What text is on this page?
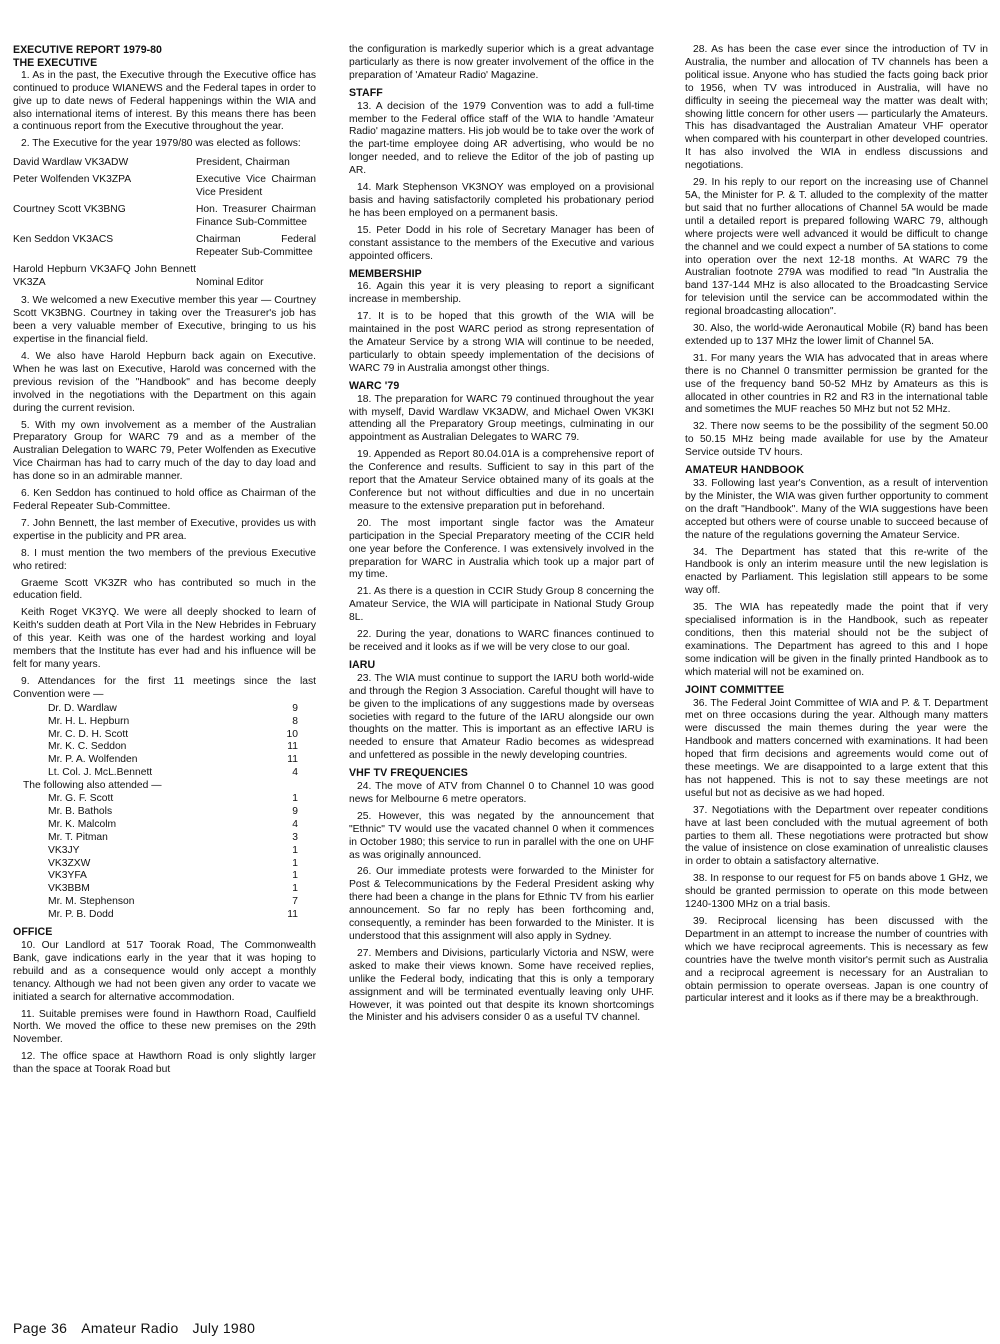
EXECUTIVE REPORT 1979-80
THE EXECUTIVE

1. As in the past, the Executive through the Executive office has continued to produce WIANEWS and the Federal tapes in order to give up to date news of Federal happenings within the WIA and also international items of interest. By this means there has been a continuous report from the Executive throughout the year.

2. The Executive for the year 1979/80 was elected as follows:

David Wardlaw VK3ADW	President, Chairman
Peter Wolfenden VK3ZPA	Executive Vice Chairman Vice President
Courtney Scott VK3BNG	Hon. Treasurer Chairman Finance Sub-Committee
Ken Seddon VK3ACS	Chairman Federal Repeater Sub-Committee
Harold Hepburn VK3AFQ John Bennett VK3ZA	Nominal Editor

3. We welcomed a new Executive member this year — Courtney Scott VK3BNG. Courtney in taking over the Treasurer's job has been a very valuable member of Executive, bringing to us his expertise in the financial field.

4. We also have Harold Hepburn back again on Executive. When he was last on Executive, Harold was concerned with the previous revision of the "Handbook" and has become deeply involved in the negotiations with the Department on this again during the current revision.

5. With my own involvement as a member of the Australian Preparatory Group for WARC 79 and as a member of the Australian Delegation to WARC 79, Peter Wolfenden as Executive Vice Chairman has had to carry much of the day to day load and has done so in an admirable manner.

6. Ken Seddon has continued to hold office as Chairman of the Federal Repeater Sub-Committee.

7. John Bennett, the last member of Executive, provides us with expertise in the publicity and PR area.

8. I must mention the two members of the previous Executive who retired:

Graeme Scott VK3ZR who has contributed so much in the education field.

Keith Roget VK3YQ. We were all deeply shocked to learn of Keith's sudden death at Port Vila in the New Hebrides in February of this year. Keith was one of the hardest working and loyal members that the Institute has ever had and his influence will be felt for many years.

9. Attendances for the first 11 meetings since the last Convention were —

Dr. D. Wardlaw	9
Mr. H. L. Hepburn	8
Mr. C. D. H. Scott	10
Mr. K. C. Seddon	11
Mr. P. A. Wolfenden	11
Lt. Col. J. McL.Bennett	4
The following also attended —
Mr. G. F. Scott	1
Mr. B. Bathols	9
Mr. K. Malcolm	4
Mr. T. Pitman	3
VK3JY	1
VK3ZXW	1
VK3YFA	1
VK3BBM	1
Mr. M. Stephenson	7
Mr. P. B. Dodd	11
OFFICE

10. Our Landlord at 517 Toorak Road, The Commonwealth Bank, gave indications early in the year that it was hoping to rebuild and as a consequence would only accept a monthly tenancy. Although we had not been given any order to vacate we initiated a search for alternative accommodation.

11. Suitable premises were found in Hawthorn Road, Caulfield North. We moved the office to these new premises on the 29th November.

12. The office space at Hawthorn Road is only slightly larger than the space at Toorak Road but

the configuration is markedly superior which is a great advantage particularly as there is now greater involvement of the office in the preparation of 'Amateur Radio' Magazine.

STAFF

13. A decision of the 1979 Convention was to add a full-time member to the Federal office staff of the WIA to handle 'Amateur Radio' magazine matters. His job would be to take over the work of the part-time employee doing AR advertising, who would be no longer needed, and to relieve the Editor of the job of pasting up AR.

14. Mark Stephenson VK3NOY was employed on a provisional basis and having satisfactorily completed his probationary period he has been employed on a permanent basis.

15. Peter Dodd in his role of Secretary Manager has been of constant assistance to the members of the Executive and various appointed officers.

MEMBERSHIP

16. Again this year it is very pleasing to report a significant increase in membership.

17. It is to be hoped that this growth of the WIA will be maintained in the post WARC period as strong representation of the Amateur Service by a strong WIA will continue to be needed, particularly to obtain speedy implementation of the decisions of WARC 79 in Australia amongst other things.

WARC '79

18. The preparation for WARC 79 continued throughout the year with myself, David Wardlaw VK3ADW, and Michael Owen VK3KI attending all the Preparatory Group meetings, culminating in our appointment as Australian Delegates to WARC 79.

19. Appended as Report 80.04.01A is a comprehensive report of the Conference and results. Sufficient to say in this part of the report that the Amateur Service obtained many of its goals at the Conference but not without difficulties and due in no uncertain measure to the extensive preparation put in beforehand.

20. The most important single factor was the Amateur participation in the Special Preparatory meeting of the CCIR held one year before the Conference. I was extensively involved in the preparation for WARC in Australia which took up a major part of my time.

21. As there is a question in CCIR Study Group 8 concerning the Amateur Service, the WIA will participate in National Study Group 8L.

22. During the year, donations to WARC finances continued to be received and it looks as if we will be very close to our goal.

IARU

23. The WIA must continue to support the IARU both world-wide and through the Region 3 Association. Careful thought will have to be given to the implications of any suggestions made by overseas societies with regard to the future of the IARU alongside our own thoughts on the matter. This is important as an effective IARU is needed to ensure that Amateur Radio becomes as widespread and unfettered as possible in the newly developing countries.

VHF TV FREQUENCIES

24. The move of ATV from Channel 0 to Channel 10 was good news for Melbourne 6 metre operators.

25. However, this was negated by the announcement that "Ethnic" TV would use the vacated channel 0 when it commences in October 1980; this service to run in parallel with the one on UHF as was originally announced.

26. Our immediate protests were forwarded to the Minister for Post & Telecommunications by the Federal President asking why there had been a change in the plans for Ethnic TV from his earlier announcement. So far no reply has been forthcoming and, consequently, a reminder has been forwarded to the Minister. It is understood that this assignment will also apply in Sydney.

27. Members and Divisions, particularly Victoria and NSW, were asked to make their views known. Some have received replies, unlike the Federal body, indicating that this is only a temporary assignment and will be terminated eventually leaving only UHF. However, it was pointed out that despite its known shortcomings the Minister and his advisers consider 0 as a useful TV channel.

28. As has been the case ever since the introduction of TV in Australia, the number and allocation of TV channels has been a political issue. Anyone who has studied the facts going back prior to 1956, when TV was introduced in Australia, will have no difficulty in seeing the piecemeal way the matter was dealt with; showing little concern for other users — particularly the Amateurs. This has disadvantaged the Australian Amateur VHF operator when compared with his counterpart in other developed countries. It has also involved the WIA in endless discussions and negotiations.

29. In his reply to our report on the increasing use of Channel 5A, the Minister for P. & T. alluded to the complexity of the matter but said that no further allocations of Channel 5A would be made until a detailed report is prepared following WARC 79, although where projects were well advanced it would be difficult to change the channel and we could expect a number of 5A stations to come into operation over the next 12-18 months. At WARC 79 the Australian footnote 279A was modified to read "In Australia the band 137-144 MHz is also allocated to the Broadcasting Service for television until the service can be accommodated within the regional broadcasting allocation".

30. Also, the world-wide Aeronautical Mobile (R) band has been extended up to 137 MHz the lower limit of Channel 5A.

31. For many years the WIA has advocated that in areas where there is no Channel 0 transmitter permission be granted for the use of the frequency band 50-52 MHz by Amateurs as this is allocated in other countries in R2 and R3 in the international table and sometimes the MUF reaches 50 MHz but not 52 MHz.

32. There now seems to be the possibility of the segment 50.00 to 50.15 MHz being made available for use by the Amateur Service outside TV hours.

AMATEUR HANDBOOK

33. Following last year's Convention, as a result of intervention by the Minister, the WIA was given further opportunity to comment on the draft "Handbook". Many of the WIA suggestions have been accepted but others were of course unable to succeed because of the nature of the regulations governing the Amateur Service.

34. The Department has stated that this re-write of the Handbook is only an interim measure until the new legislation is enacted by Parliament. This legislation still appears to be some way off.

35. The WIA has repeatedly made the point that if very specialised information is in the Handbook, such as repeater conditions, then this material should not be the subject of examinations. The Department has agreed to this and I hope some indication will be given in the finally printed Handbook as to which material will not be examined on.

JOINT COMMITTEE

36. The Federal Joint Committee of WIA and P. & T. Department met on three occasions during the year. Although many matters were discussed the main themes during the year were the Handbook and matters concerned with examinations. It had been hoped that firm decisions and agreements would come out of these meetings. We are disappointed to a large extent that this has not happened. This is not to say these meetings are not useful but not as decisive as we had hoped.

37. Negotiations with the Department over repeater conditions have at last been concluded with the mutual agreement of both parties to them all. These negotiations were protracted but show the value of insistence on close examination of unrealistic clauses in order to obtain a satisfactory alternative.

38. In response to our request for F5 on bands above 1 GHz, we should be granted permission to operate on this mode between 1240-1300 MHz on a trial basis.

39. Reciprocal licensing has been discussed with the Department in an attempt to increase the number of countries with which we have reciprocal agreements. This is necessary as few countries have the twelve month visitor's permit such as Australia and a reciprocal agreement is necessary for an Australian to obtain permission to operate overseas. Japan is one country of particular interest and it looks as if there may be a breakthrough.

Page 36 Amateur Radio July 1980
